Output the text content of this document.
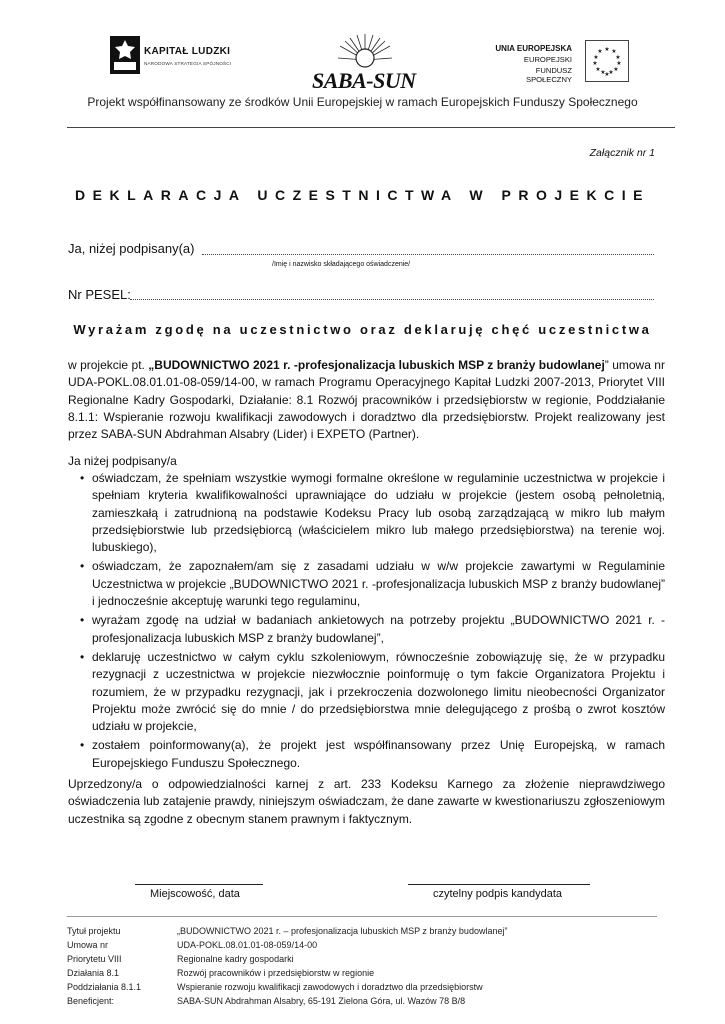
KAPITAŁ LUDZKI
NARODOWA STRATEGIA SPÓJNOŚCI
SABA-SUN
UNIA EUROPEJSKA
EUROPEJSKI
FUNDUSZ SPOŁECZNY
★ ★
★
★
★
★
★
★
★
★
★
★
Projekt współfinansowany ze środków Unii Europejskiej w ramach Europejskich Funduszy Społecznego
Załącznik nr 1
DEKLARACJA UCZESTNICTWA W PROJEKCIE
Ja, niżej podpisany(a)
/Imię i nazwisko składającego oświadczenie/
Nr PESEL:
Wyrażam zgodę na uczestnictwo oraz deklaruję chęć uczestnictwa
w projekcie pt. „BUDOWNICTWO 2021 r. -profesjonalizacja lubuskich MSP z branży budowlanej” umowa nr UDA-POKL.08.01.01-08-059/14-00, w ramach Programu Operacyjnego Kapitał Ludzki 2007-2013, Priorytet VIII Regionalne Kadry Gospodarki, Działanie: 8.1 Rozwój pracowników i przedsiębiorstw w regionie, Poddziałanie 8.1.1: Wspieranie rozwoju kwalifikacji zawodowych i doradztwo dla przedsiębiorstw. Projekt realizowany jest przez SABA-SUN Abdrahman Alsabry (Lider) i EXPETO (Partner).
Ja niżej podpisany/a
• oświadczam, że spełniam wszystkie wymogi formalne określone w regulaminie uczestnictwa w projekcie i spełniam kryteria kwalifikowalności uprawniające do udziału w projekcie (jestem osobą pełnoletnią, zamieszkałą i zatrudnioną na podstawie Kodeksu Pracy lub osobą zarządzającą w mikro lub małym przedsiębiorstwie lub przedsiębiorcą (właścicielem mikro lub małego przedsiębiorstwa) na terenie woj. lubuskiego),
• oświadczam, że zapoznałem/am się z zasadami udziału w w/w projekcie zawartymi w Regulaminie Uczestnictwa w projekcie „BUDOWNICTWO 2021 r. -profesjonalizacja lubuskich MSP z branży budowlanej” i jednocześnie akceptuję warunki tego regulaminu,
• wyrażam zgodę na udział w badaniach ankietowych na potrzeby projektu „BUDOWNICTWO 2021 r. -profesjonalizacja lubuskich MSP z branży budowlanej”,
• deklaruję uczestnictwo w całym cyklu szkoleniowym, równocześnie zobowiązuję się, że w przypadku rezygnacji z uczestnictwa w projekcie niezwłocznie poinformuję o tym fakcie Organizatora Projektu i rozumiem, że w przypadku rezygnacji, jak i przekroczenia dozwolonego limitu nieobecności Organizator Projektu może zwrócić się do mnie / do przedsiębiorstwa mnie delegującego z prośbą o zwrot kosztów udziału w projekcie,
• zostałem poinformowany(a), że projekt jest współfinansowany przez Unię Europejską, w ramach Europejskiego Funduszu Społecznego.
Uprzedzony/a o odpowiedzialności karnej z art. 233 Kodeksu Karnego za złożenie nieprawdziwego oświadczenia lub zatajenie prawdy, niniejszym oświadczam, że dane zawarte w kwestionariuszu zgłoszeniowym uczestnika są zgodne z obecnym stanem prawnym i faktycznym.
Miejscowość, data	czytelny podpis kandydata
Tytuł projektu	„BUDOWNICTWO 2021 r. – profesjonalizacja lubuskich MSP z branży budowlanej”
Umowa nr	UDA-POKL.08.01.01-08-059/14-00
Priorytetu VIII	Regionalne kadry gospodarki
Działania 8.1	Rozwój pracowników i przedsiębiorstw w regionie
Poddziałania 8.1.1	Wspieranie rozwoju kwalifikacji zawodowych i doradztwo dla przedsiębiorstw
Beneficjent:	SABA-SUN Abdrahman Alsabry, 65-191 Zielona Góra, ul. Wazów 78 B/8
